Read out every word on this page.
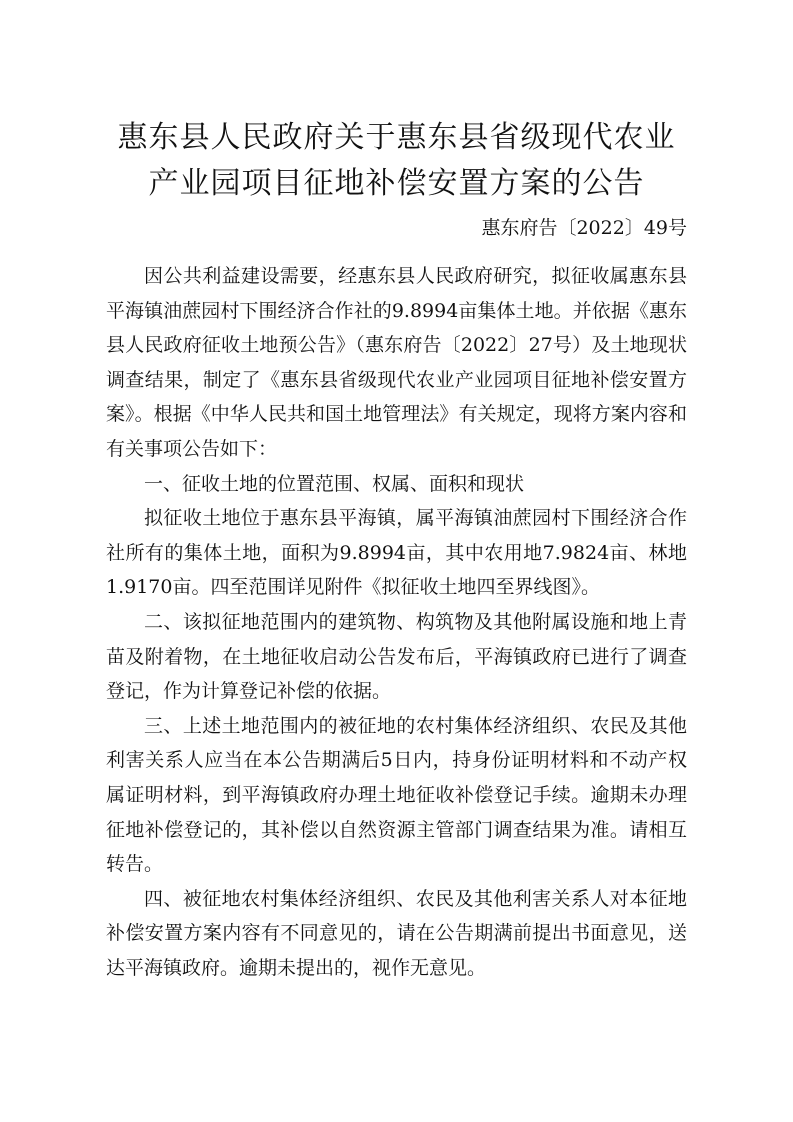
惠东县人民政府关于惠东县省级现代农业
产业园项目征地补偿安置方案的公告
惠东府告〔2022〕49号

因公共利益建设需要，经惠东县人民政府研究，拟征收属惠东县平海镇油蔗园村下围经济合作社的9.8994亩集体土地。并依据《惠东县人民政府征收土地预公告》（惠东府告〔2022〕27号）及土地现状调查结果，制定了《惠东县省级现代农业产业园项目征地补偿安置方案》。根据《中华人民共和国土地管理法》有关规定，现将方案内容和有关事项公告如下：

一、征收土地的位置范围、权属、面积和现状

拟征收土地位于惠东县平海镇，属平海镇油蔗园村下围经济合作社所有的集体土地，面积为9.8994亩，其中农用地7.9824亩、林地1.9170亩。四至范围详见附件《拟征收土地四至界线图》。

二、该拟征地范围内的建筑物、构筑物及其他附属设施和地上青苗及附着物，在土地征收启动公告发布后，平海镇政府已进行了调查登记，作为计算登记补偿的依据。

三、上述土地范围内的被征地的农村集体经济组织、农民及其他利害关系人应当在本公告期满后5日内，持身份证明材料和不动产权属证明材料，到平海镇政府办理土地征收补偿登记手续。逾期未办理征地补偿登记的，其补偿以自然资源主管部门调查结果为准。请相互转告。

四、被征地农村集体经济组织、农民及其他利害关系人对本征地补偿安置方案内容有不同意见的，请在公告期满前提出书面意见，送达平海镇政府。逾期未提出的，视作无意见。
